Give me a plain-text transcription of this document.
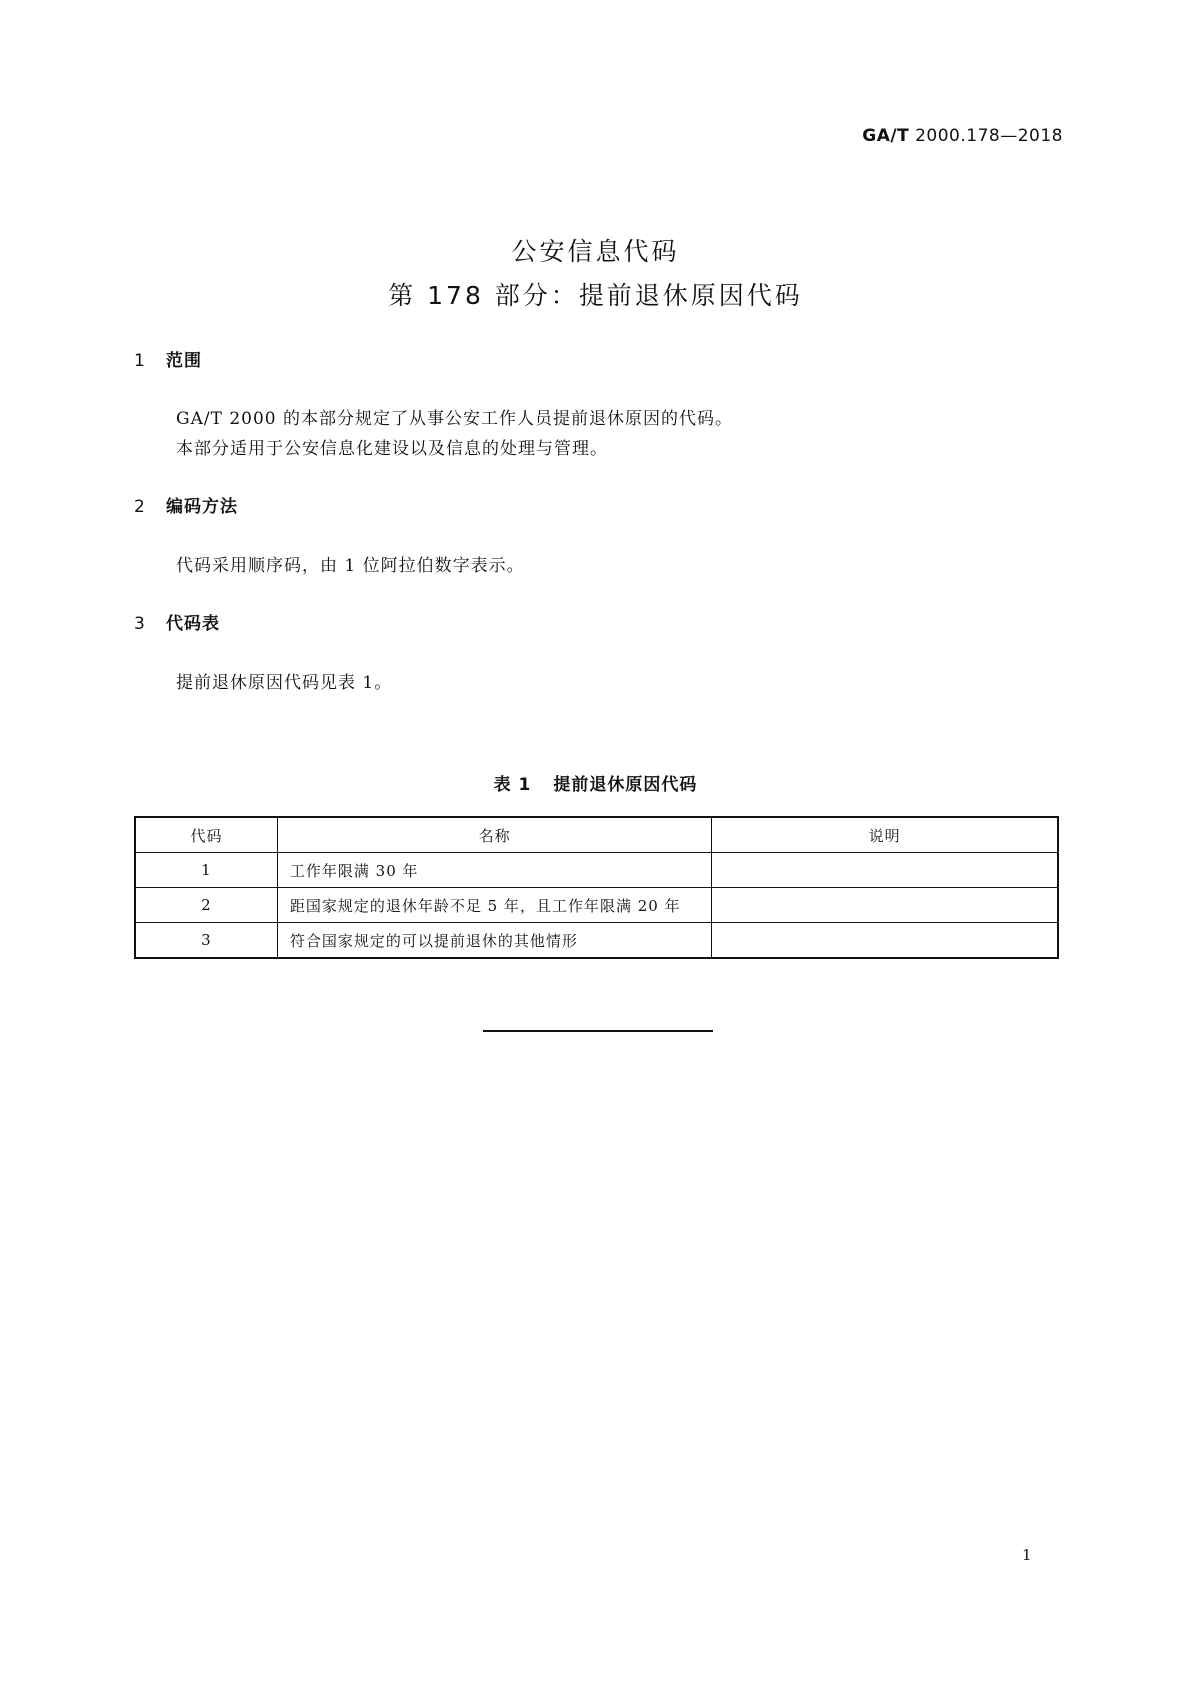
GA/T 2000.178—2018
公安信息代码
第 178 部分：提前退休原因代码
1 范围
GA/T 2000 的本部分规定了从事公安工作人员提前退休原因的代码。
本部分适用于公安信息化建设以及信息的处理与管理。
2 编码方法
代码采用顺序码，由 1 位阿拉伯数字表示。
3 代码表
提前退休原因代码见表 1。
表 1 提前退休原因代码
代码	名称	说明
1	工作年限满 30 年	
2	距国家规定的退休年龄不足 5 年，且工作年限满 20 年	
3	符合国家规定的可以提前退休的其他情形	
1
